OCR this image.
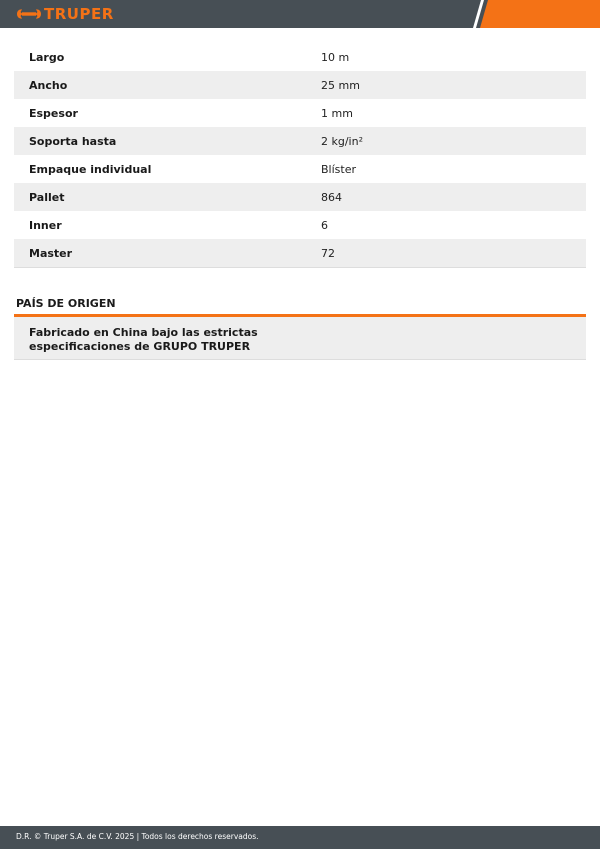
TRUPER
Largo	10 m
Ancho	25 mm
Espesor	1 mm
Soporta hasta	2 kg/in²
Empaque individual	Blíster
Pallet	864
Inner	6
Master	72
PAÍS DE ORIGEN
Fabricado en China bajo las estrictas
especificaciones de GRUPO TRUPER
D.R. © Truper S.A. de C.V. 2025 | Todos los derechos reservados.
